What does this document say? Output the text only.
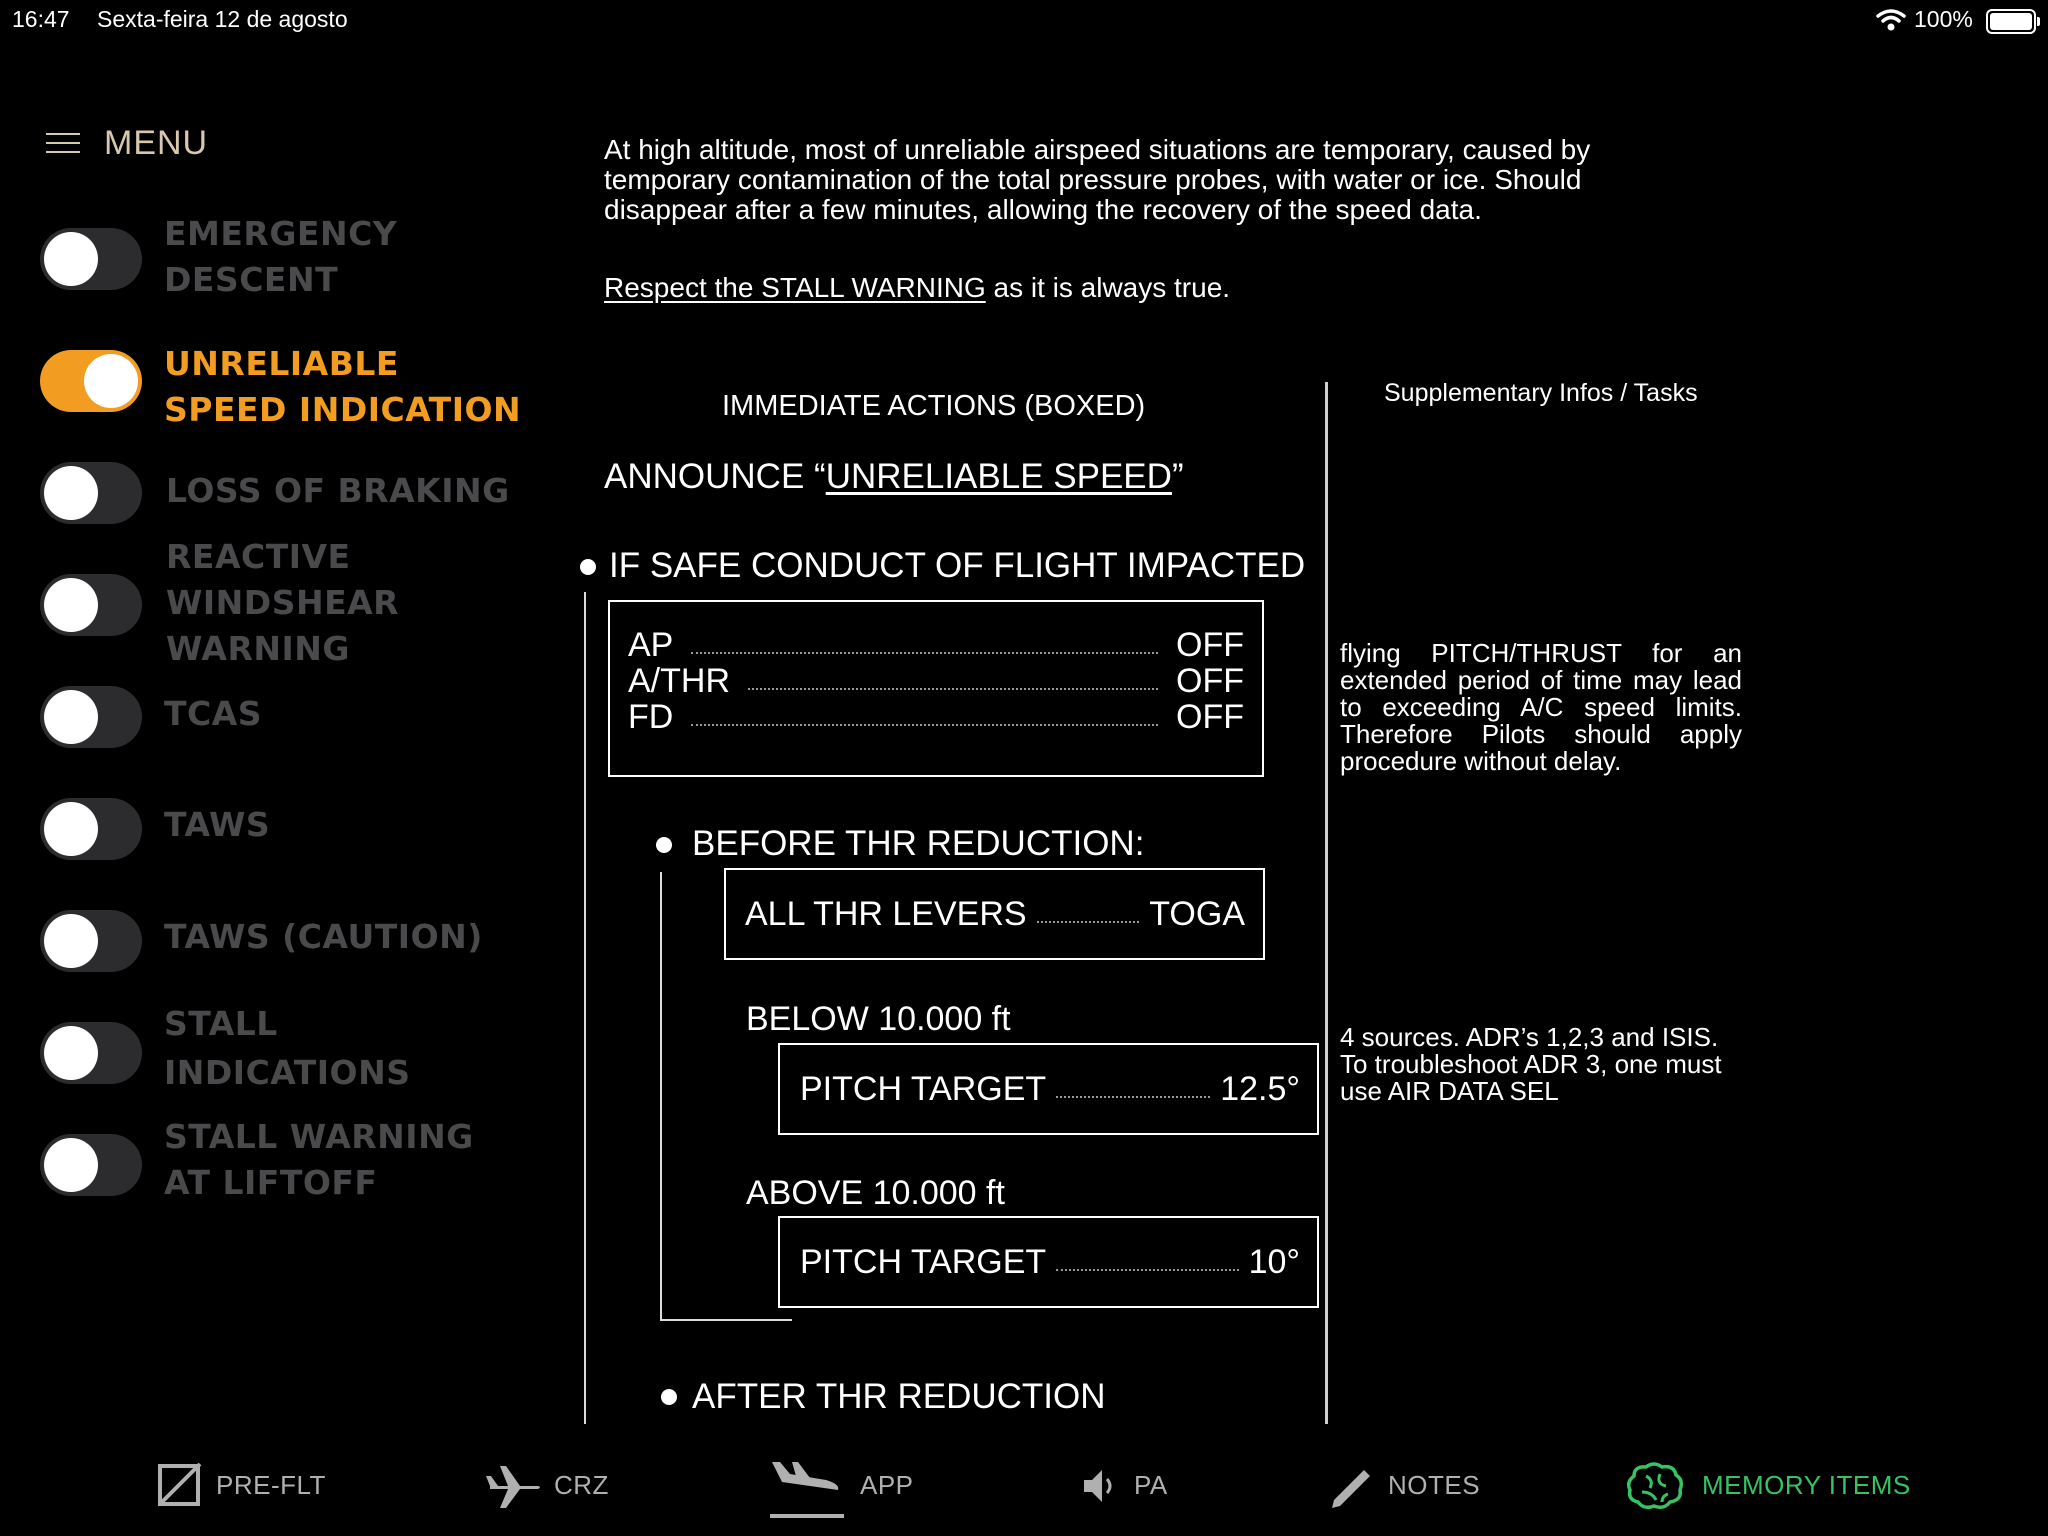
16:47 Sexta-feira 12 de agosto	100%
MENU
EMERGENCY
DESCENT
UNRELIABLE
SPEED INDICATION
LOSS OF BRAKING
REACTIVE
WINDSHEAR
WARNING
TCAS
TAWS
TAWS (CAUTION)
STALL
INDICATIONS
STALL WARNING
AT LIFTOFF
At high altitude, most of unreliable airspeed situations are temporary, caused by
temporary contamination of the total pressure probes, with water or ice. Should
disappear after a few minutes, allowing the recovery of the speed data.
Respect the STALL WARNING as it is always true.
IMMEDIATE ACTIONS (BOXED)	Supplementary Infos / Tasks
ANNOUNCE “UNRELIABLE SPEED”
IF SAFE CONDUCT OF FLIGHT IMPACTED
AP	OFF
A/THR	OFF
FD	OFF
flying PITCH/THRUST for an extended period of time may lead to exceeding A/C speed limits. Therefore Pilots should apply procedure without delay.
BEFORE THR REDUCTION:
ALL THR LEVERS	TOGA
BELOW 10.000 ft
PITCH TARGET	12.5°
4 sources. ADR’s 1,2,3 and ISIS.
To troubleshoot ADR 3, one must
use AIR DATA SEL
ABOVE 10.000 ft
PITCH TARGET	10°
AFTER THR REDUCTION
PRE-FLT	CRZ	APP	PA	NOTES	MEMORY ITEMS
